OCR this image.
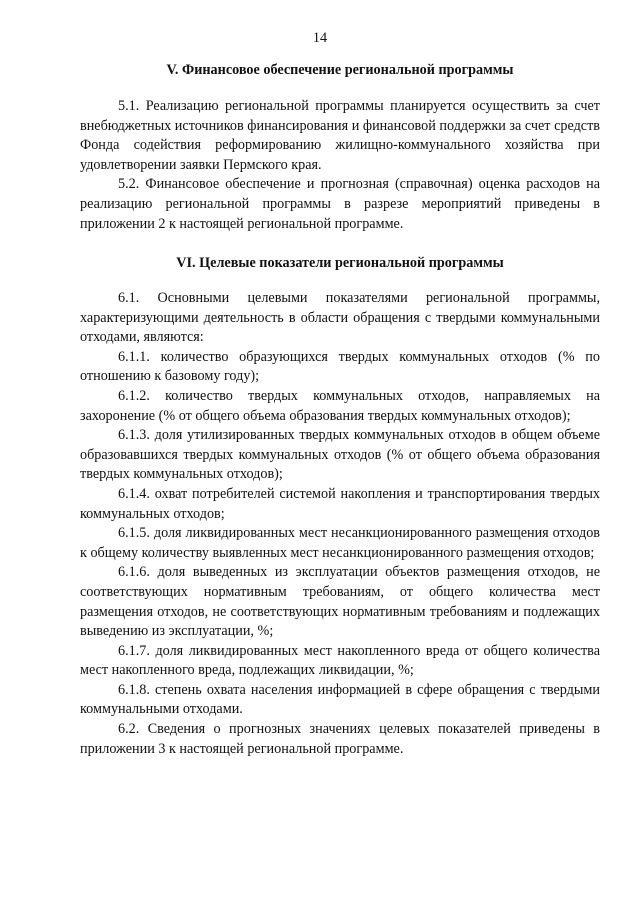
14
V. Финансовое обеспечение региональной программы

5.1. Реализацию региональной программы планируется осуществить за счет внебюджетных источников финансирования и финансовой поддержки за счет средств Фонда содействия реформированию жилищно-коммунального хозяйства при удовлетворении заявки Пермского края.

5.2. Финансовое обеспечение и прогнозная (справочная) оценка расходов на реализацию региональной программы в разрезе мероприятий приведены в приложении 2 к настоящей региональной программе.

VI. Целевые показатели региональной программы

6.1. Основными целевыми показателями региональной программы, характеризующими деятельность в области обращения с твердыми коммунальными отходами, являются:

6.1.1. количество образующихся твердых коммунальных отходов (% по отношению к базовому году);

6.1.2. количество твердых коммунальных отходов, направляемых на захоронение (% от общего объема образования твердых коммунальных отходов);

6.1.3. доля утилизированных твердых коммунальных отходов в общем объеме образовавшихся твердых коммунальных отходов (% от общего объема образования твердых коммунальных отходов);

6.1.4. охват потребителей системой накопления и транспортирования твердых коммунальных отходов;

6.1.5. доля ликвидированных мест несанкционированного размещения отходов к общему количеству выявленных мест несанкционированного размещения отходов;

6.1.6. доля выведенных из эксплуатации объектов размещения отходов, не соответствующих нормативным требованиям, от общего количества мест размещения отходов, не соответствующих нормативным требованиям и подлежащих выведению из эксплуатации, %;

6.1.7. доля ликвидированных мест накопленного вреда от общего количества мест накопленного вреда, подлежащих ликвидации, %;

6.1.8. степень охвата населения информацией в сфере обращения с твердыми коммунальными отходами.

6.2. Сведения о прогнозных значениях целевых показателей приведены в приложении 3 к настоящей региональной программе.
